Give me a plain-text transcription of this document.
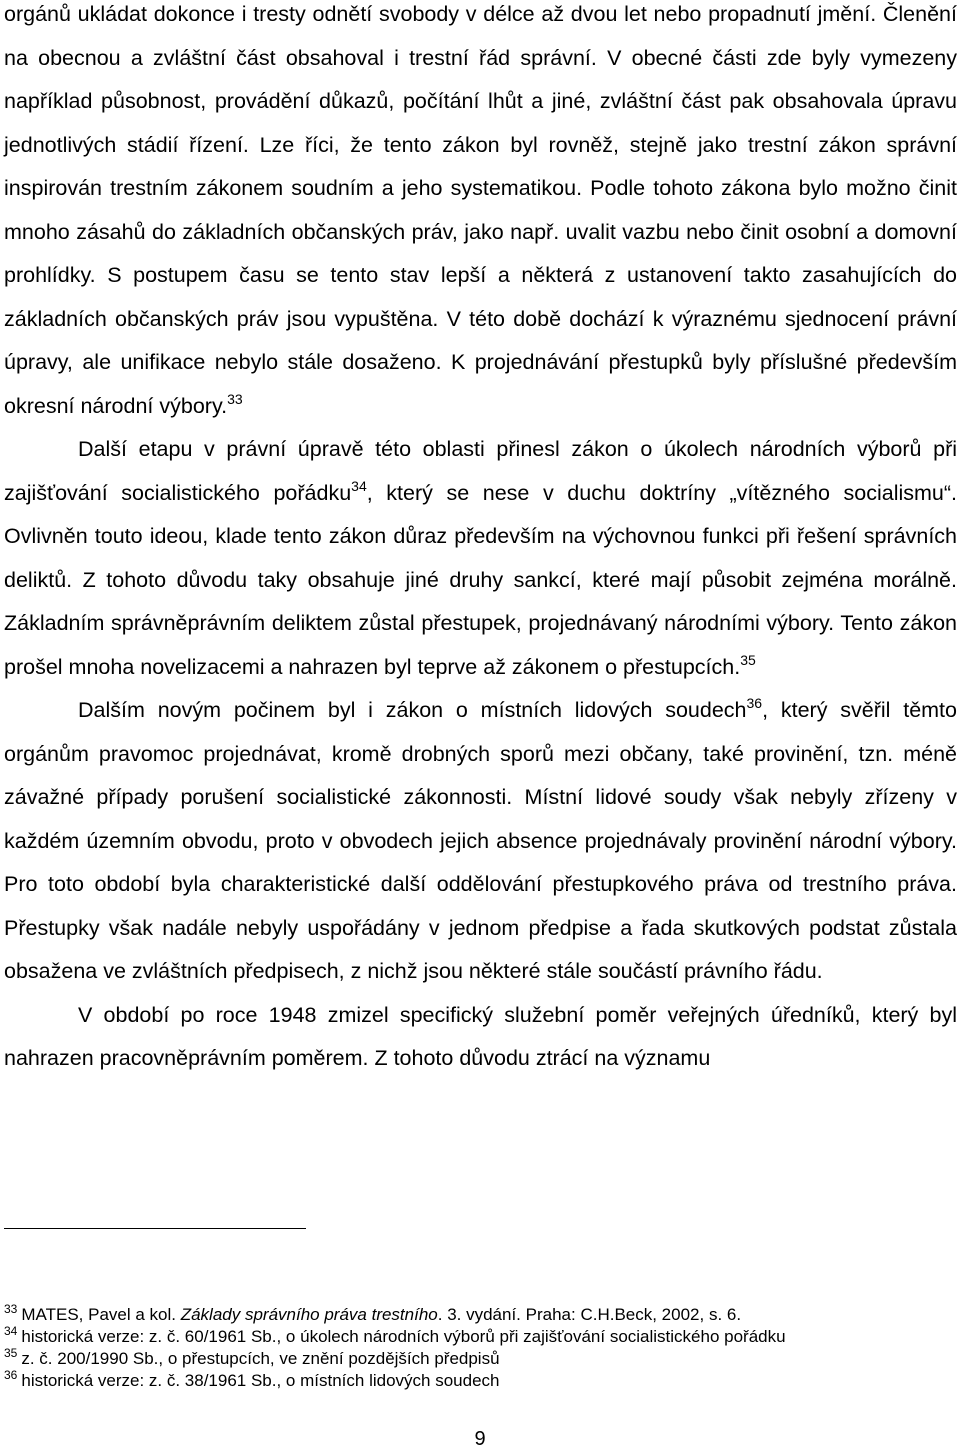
orgánů ukládat dokonce i tresty odnětí svobody v délce až dvou let nebo propadnutí jmění. Členění na obecnou a zvláštní část obsahoval i trestní řád správní. V obecné části zde byly vymezeny například působnost, provádění důkazů, počítání lhůt a jiné, zvláštní část pak obsahovala úpravu jednotlivých stádií řízení. Lze říci, že tento zákon byl rovněž, stejně jako trestní zákon správní inspirován trestním zákonem soudním a jeho systematikou. Podle tohoto zákona bylo možno činit mnoho zásahů do základních občanských práv, jako např. uvalit vazbu nebo činit osobní a domovní prohlídky. S postupem času se tento stav lepší a některá z ustanovení takto zasahujících do základních občanských práv jsou vypuštěna. V této době dochází k výraznému sjednocení právní úpravy, ale unifikace nebylo stále dosaženo. K projednávání přestupků byly příslušné především okresní národní výbory.$^{33}$

Další etapu v právní úpravě této oblasti přinesl zákon o úkolech národních výborů při zajišťování socialistického pořádku$^{34}$, který se nese v duchu doktríny „vítězného socialismu“. Ovlivněn touto ideou, klade tento zákon důraz především na výchovnou funkci při řešení správních deliktů. Z tohoto důvodu taky obsahuje jiné druhy sankcí, které mají působit zejména morálně. Základním správněprávním deliktem zůstal přestupek, projednávaný národními výbory. Tento zákon prošel mnoha novelizacemi a nahrazen byl teprve až zákonem o přestupcích.$^{35}$

Dalším novým počinem byl i zákon o místních lidových soudech$^{36}$, který svěřil těmto orgánům pravomoc projednávat, kromě drobných sporů mezi občany, také provinění, tzn. méně závažné případy porušení socialistické zákonnosti. Místní lidové soudy však nebyly zřízeny v každém územním obvodu, proto v obvodech jejich absence projednávaly provinění národní výbory. Pro toto období byla charakteristické další oddělování přestupkového práva od trestního práva. Přestupky však nadále nebyly uspořádány v jednom předpise a řada skutkových podstat zůstala obsažena ve zvláštních předpisech, z nichž jsou některé stále součástí právního řádu.

V období po roce 1948 zmizel specifický služební poměr veřejných úředníků, který byl nahrazen pracovněprávním poměrem. Z tohoto důvodu ztrácí na významu

$^{33}$ MATES, Pavel a kol. Základy správního práva trestního. 3. vydání. Praha: C.H.Beck, 2002, s. 6.

$^{34}$ historická verze: z. č. 60/1961 Sb., o úkolech národních výborů při zajišťování socialistického pořádku

$^{35}$ z. č. 200/1990 Sb., o přestupcích, ve znění pozdějších předpisů

$^{36}$ historická verze: z. č. 38/1961 Sb., o místních lidových soudech

9
